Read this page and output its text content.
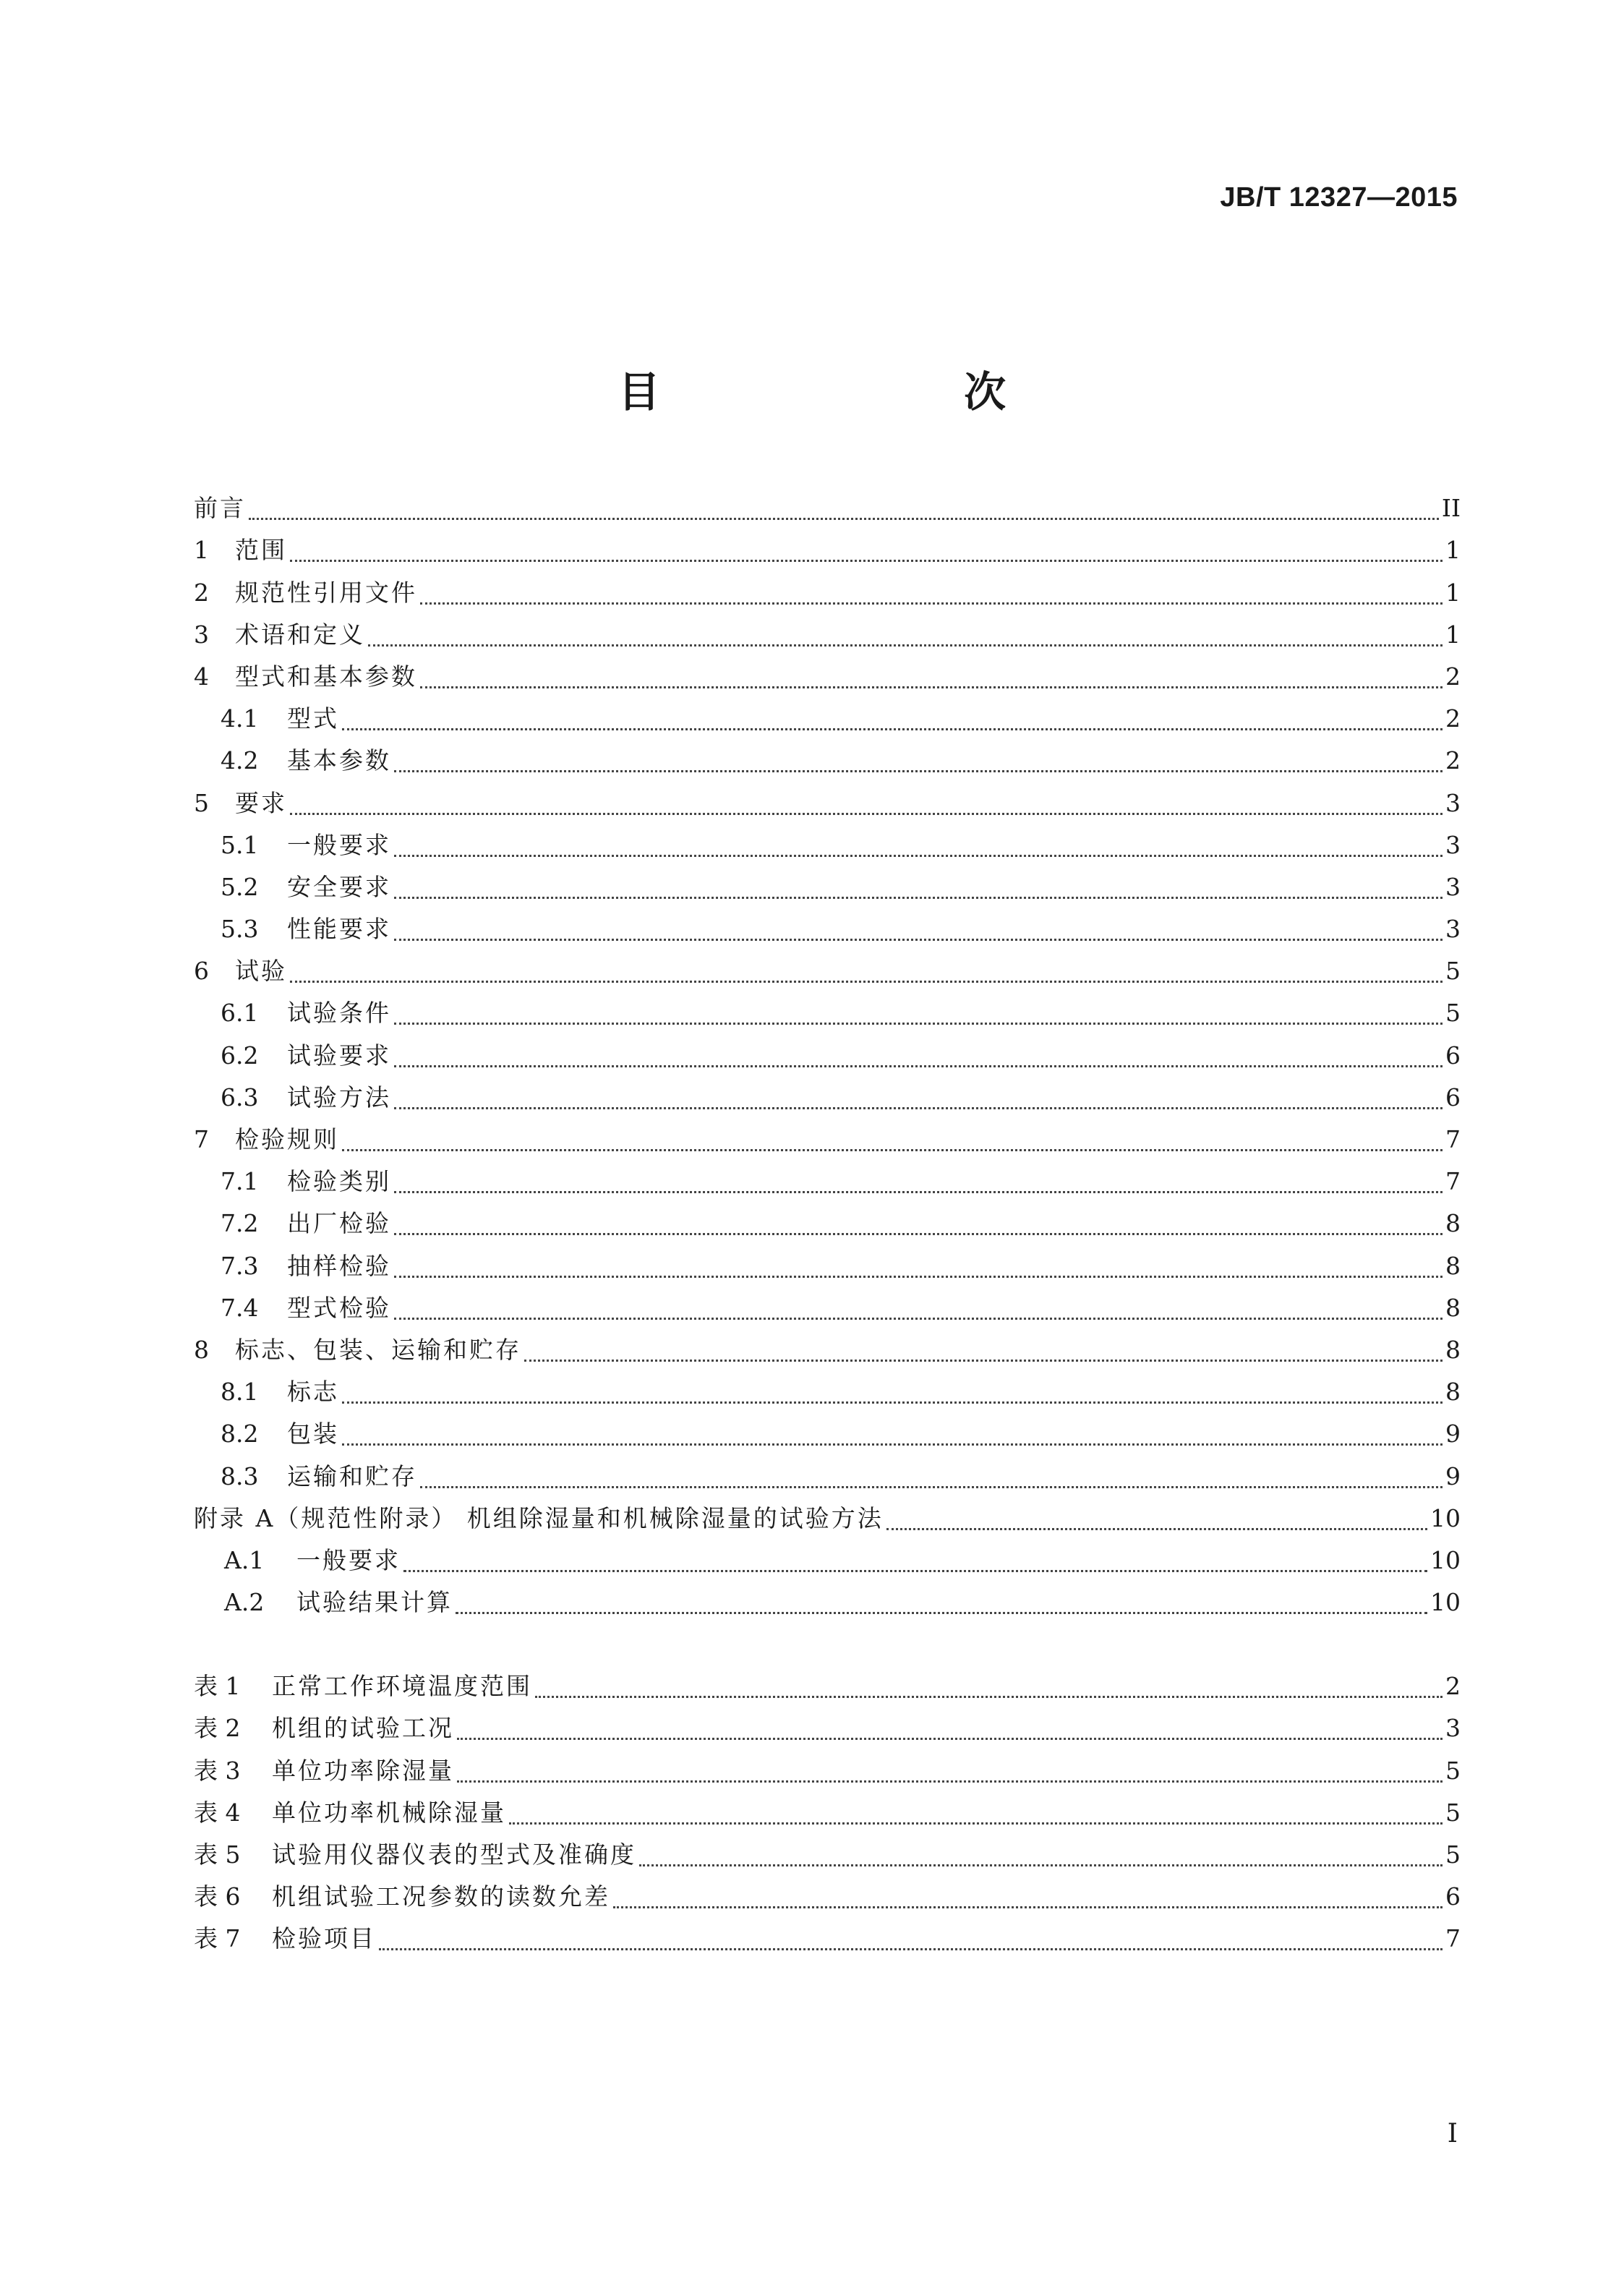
JB/T 12327—2015
目 次
前言	II
1	范围	1
2	规范性引用文件	1
3	术语和定义	1
4	型式和基本参数	2
4.1	型式	2
4.2	基本参数	2
5	要求	3
5.1	一般要求	3
5.2	安全要求	3
5.3	性能要求	3
6	试验	5
6.1	试验条件	5
6.2	试验要求	6
6.3	试验方法	6
7	检验规则	7
7.1	检验类别	7
7.2	出厂检验	8
7.3	抽样检验	8
7.4	型式检验	8
8	标志、包装、运输和贮存	8
8.1	标志	8
8.2	包装	9
8.3	运输和贮存	9
附录 A（规范性附录） 机组除湿量和机械除湿量的试验方法	10
A.1	一般要求	10
A.2	试验结果计算	10
表 1	正常工作环境温度范围	2
表 2	机组的试验工况	3
表 3	单位功率除湿量	5
表 4	单位功率机械除湿量	5
表 5	试验用仪器仪表的型式及准确度	5
表 6	机组试验工况参数的读数允差	6
表 7	检验项目	7
I
